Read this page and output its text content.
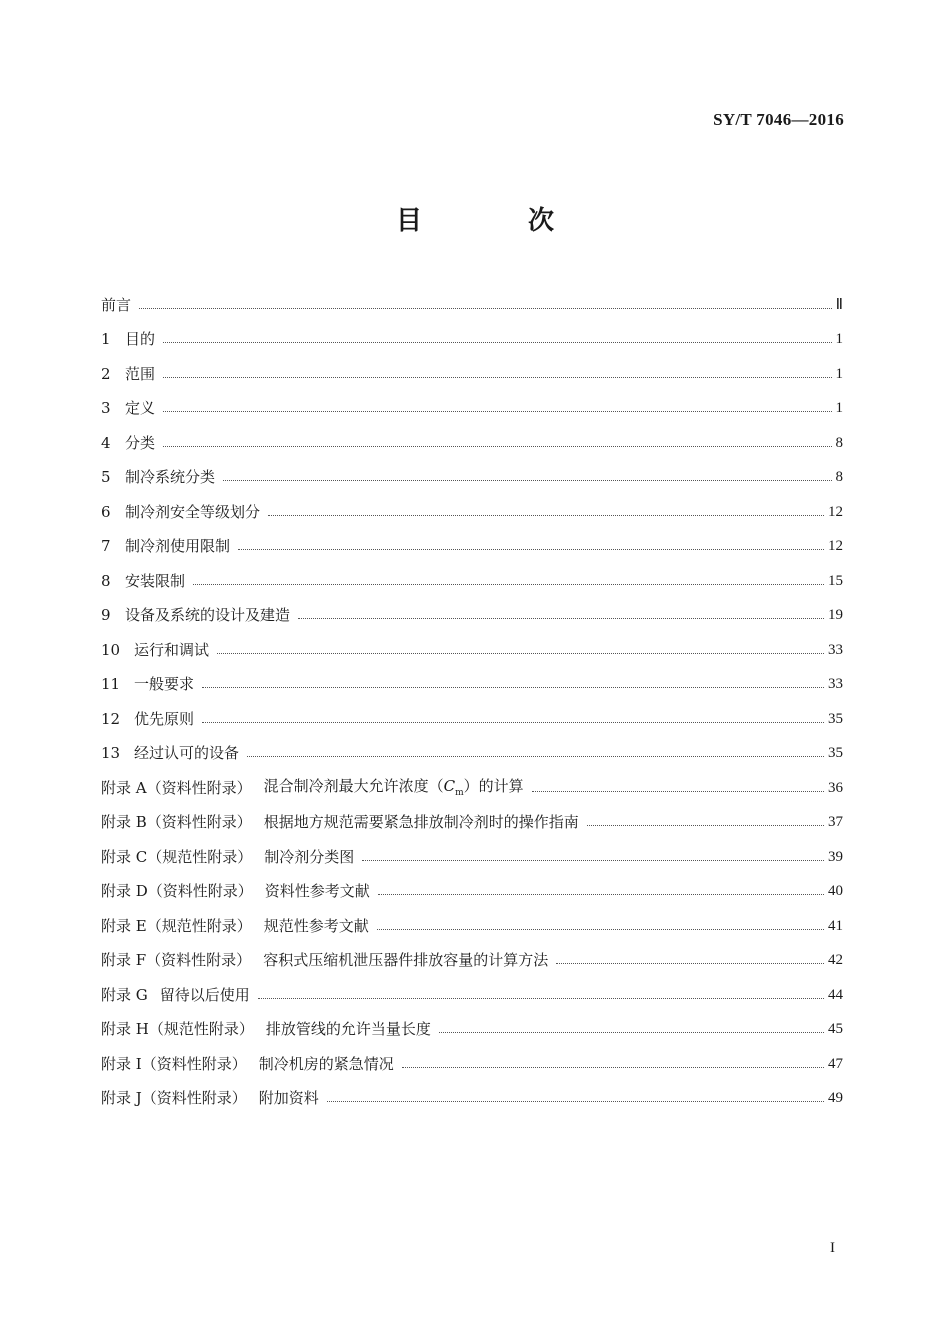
SY/T 7046—2016
目　次
前言	Ⅱ
1 目的	1
2 范围	1
3 定义	1
4 分类	8
5 制冷系统分类	8
6 制冷剂安全等级划分	12
7 制冷剂使用限制	12
8 安装限制	15
9 设备及系统的设计及建造	19
10 运行和调试	33
11 一般要求	33
12 优先原则	35
13 经过认可的设备	35
附录 A（资料性附录） 混合制冷剂最大允许浓度$(C_m)$的计算	36
附录 B（资料性附录） 根据地方规范需要紧急排放制冷剂时的操作指南	37
附录 C（规范性附录） 制冷剂分类图	39
附录 D（资料性附录） 资料性参考文献	40
附录 E（规范性附录） 规范性参考文献	41
附录 F（资料性附录） 容积式压缩机泄压器件排放容量的计算方法	42
附录 G 留待以后使用	44
附录 H（规范性附录） 排放管线的允许当量长度	45
附录 I（资料性附录） 制冷机房的紧急情况	47
附录 J（资料性附录） 附加资料	49
I
